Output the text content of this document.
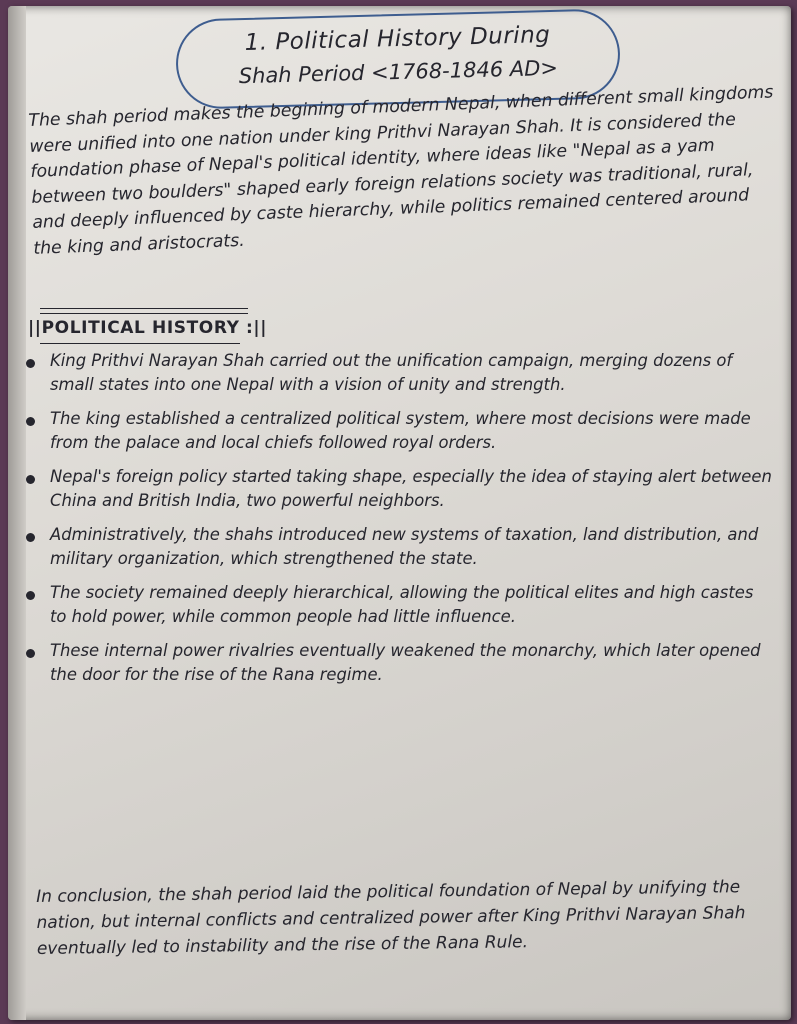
1. Political History During
Shah Period <1768-1846 AD>

The shah period makes the begining of modern Nepal, when different small kingdoms were unified into one nation under king Prithvi Narayan Shah. It is considered the foundation phase of Nepal's political identity, where ideas like "Nepal as a yam between two boulders" shaped early foreign relations society was traditional, rural, and deeply influenced by caste hierarchy, while politics remained centered around the king and aristocrats.

||POLITICAL HISTORY :||
King Prithvi Narayan Shah carried out the unification campaign, merging dozens of small states into one Nepal with a vision of unity and strength.
The king established a centralized political system, where most decisions were made from the palace and local chiefs followed royal orders.
Nepal's foreign policy started taking shape, especially the idea of staying alert between China and British India, two powerful neighbors.
Administratively, the shahs introduced new systems of taxation, land distribution, and military organization, which strengthened the state.
The society remained deeply hierarchical, allowing the political elites and high castes to hold power, while common people had little influence.
These internal power rivalries eventually weakened the monarchy, which later opened the door for the rise of the Rana regime.

In conclusion, the shah period laid the political foundation of Nepal by unifying the nation, but internal conflicts and centralized power after King Prithvi Narayan Shah eventually led to instability and the rise of the Rana Rule.
